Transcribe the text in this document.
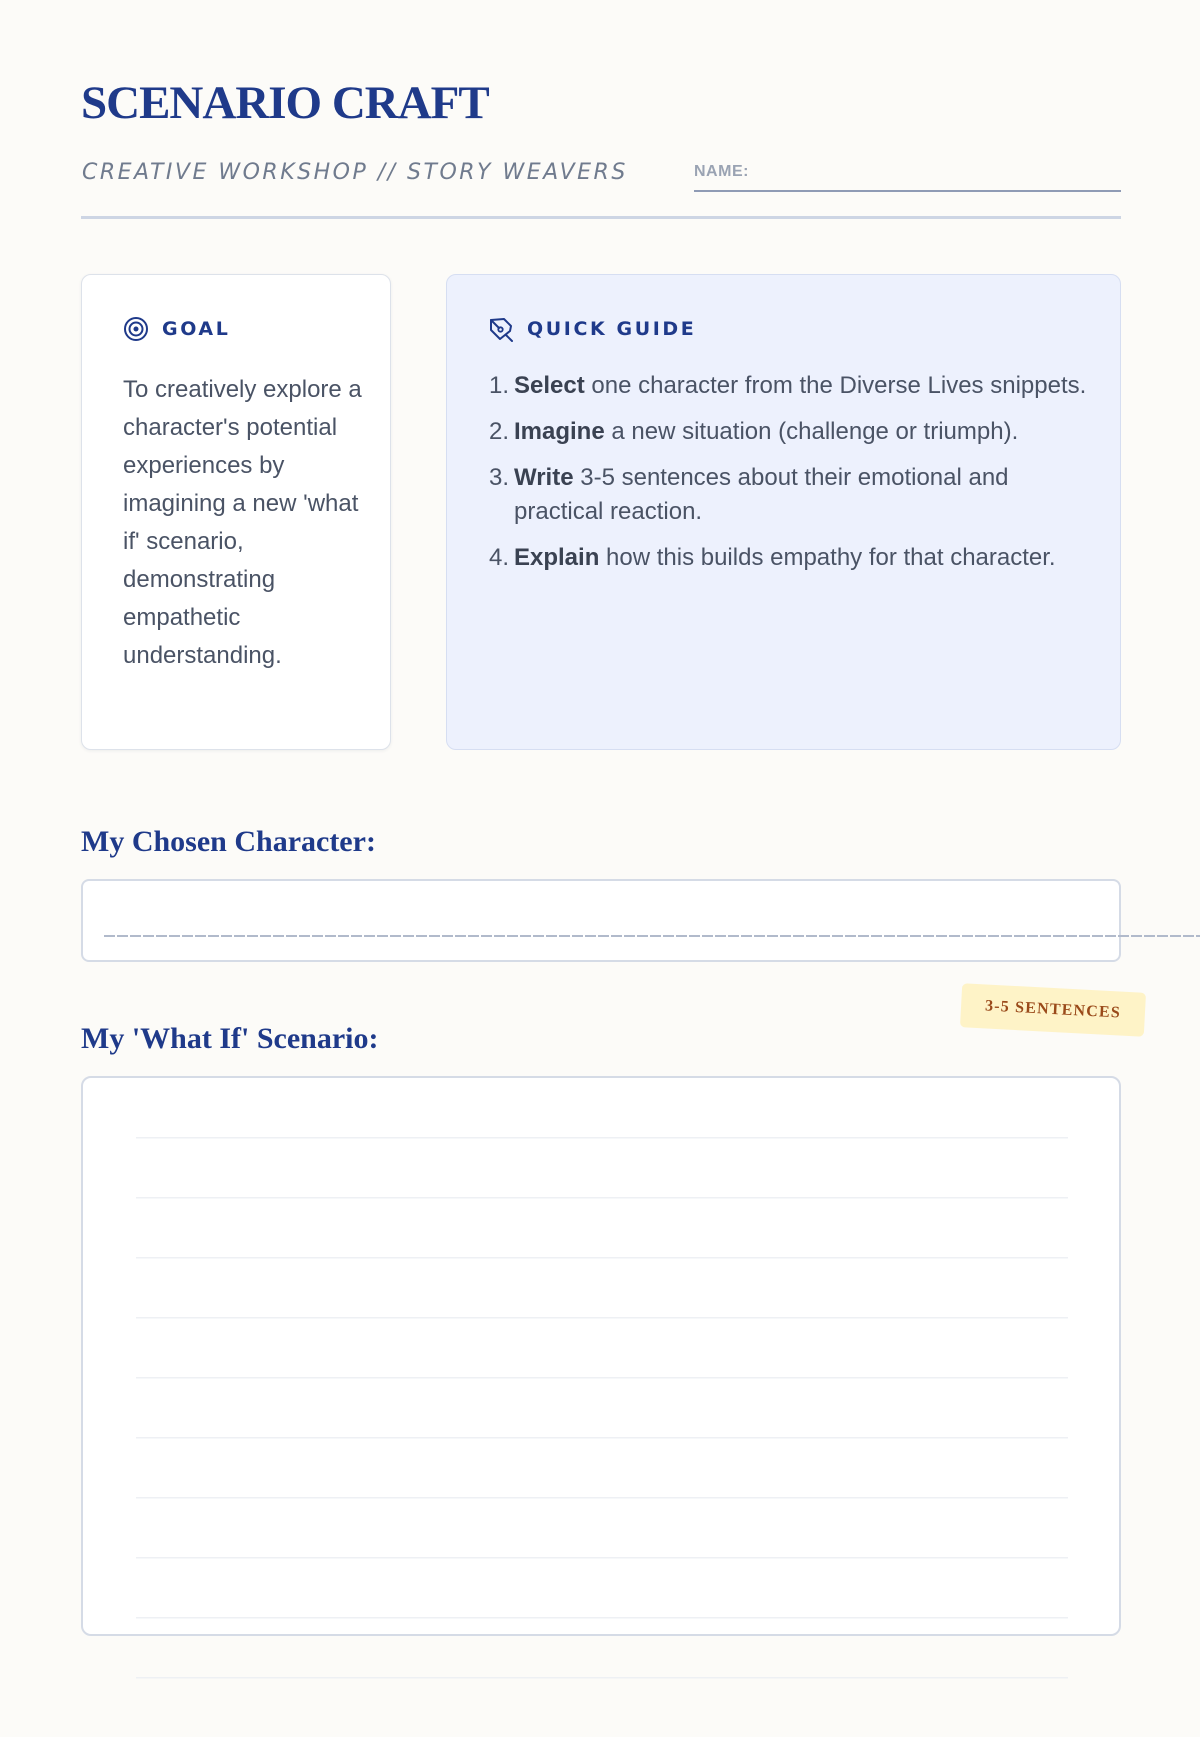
SCENARIO CRAFT
CREATIVE WORKSHOP // STORY WEAVERS	NAME:
GOAL

To creatively explore a character's potential experiences by imagining a new 'what if' scenario, demonstrating empathetic understanding.

QUICK GUIDE
1. Select one character from the Diverse Lives snippets.
2. Imagine a new situation (challenge or triumph).
3. Write 3-5 sentences about their emotional and practical reaction.
4. Explain how this builds empathy for that character.
My Chosen Character:
3-5 SENTENCES
My 'What If' Scenario:
